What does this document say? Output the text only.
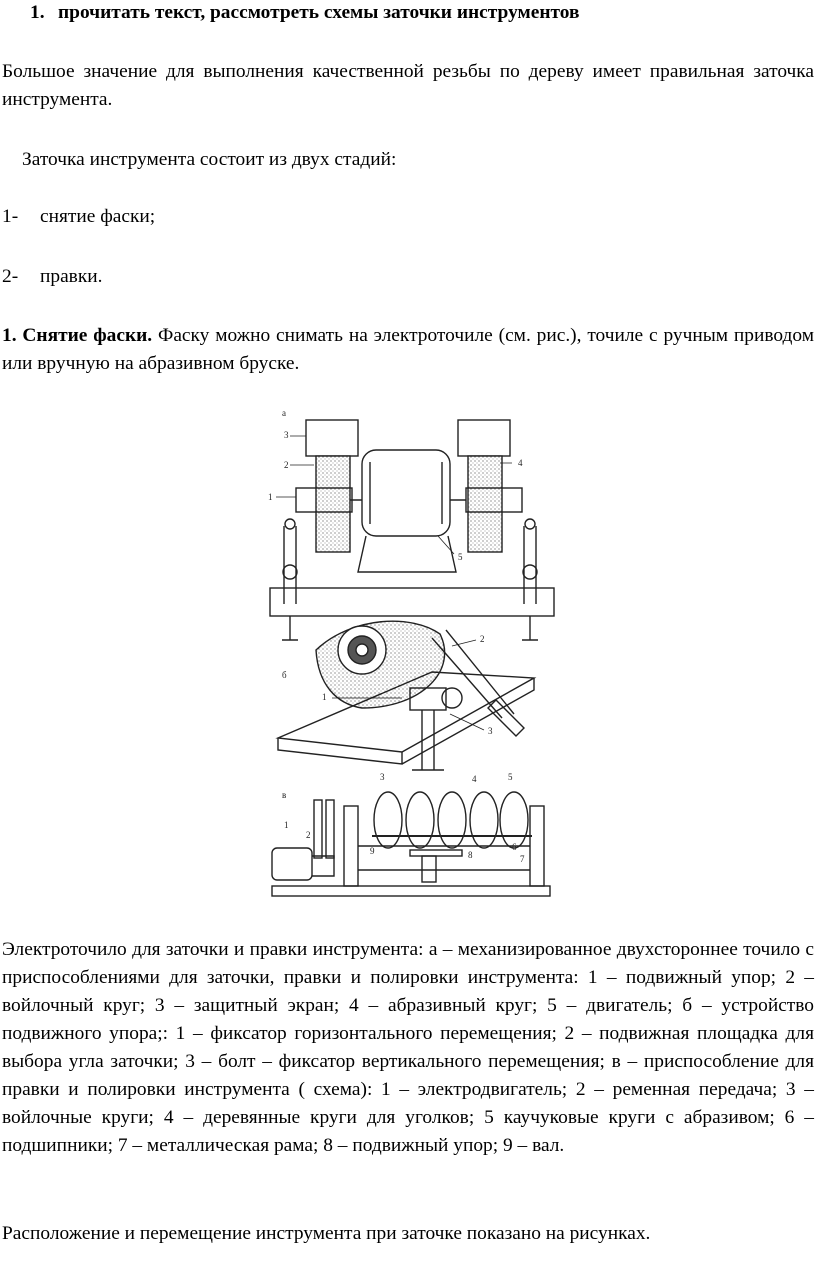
1. прочитать текст, рассмотреть схемы заточки инструментов

Большое значение для выполнения качественной резьбы по дереву имеет правильная заточка инструмента.

Заточка инструмента состоит из двух стадий:

1- снятие фаски;

2- правки.

1. Снятие фаски. Фаску можно снимать на электроточиле (см. рис.), точиле с ручным приводом или вручную на абразивном бруске.

а
3
2
1
4
5
б
1
2
3
в
1
2
3	4	5
6
7
8
9

Электроточило для заточки и правки инструмента: а – механизированное двухстороннее точило с приспособлениями для заточки, правки и полировки инструмента: 1 – подвижный упор; 2 – войлочный круг; 3 – защитный экран; 4 – абразивный круг; 5 – двигатель; б – устройство подвижного упора;: 1 – фиксатор горизонтального перемещения; 2 – подвижная площадка для выбора угла заточки; 3 – болт – фиксатор вертикального перемещения; в – приспособление для правки и полировки инструмента ( схема): 1 – электродвигатель; 2 – ременная передача; 3 – войлочные круги; 4 – деревянные круги для уголков; 5 каучуковые круги с абразивом; 6 – подшипники; 7 – металлическая рама; 8 – подвижный упор; 9 – вал.

Расположение и перемещение инструмента при заточке показано на рисунках.
